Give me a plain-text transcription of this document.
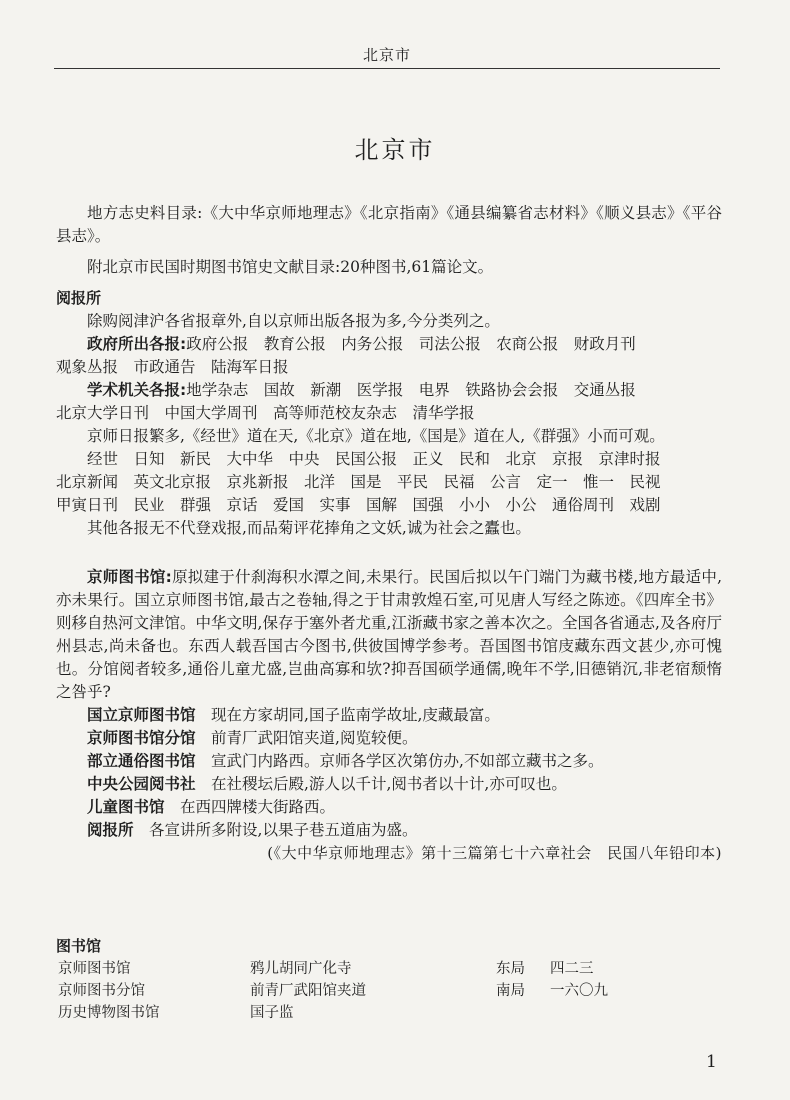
北京市
北京市

地方志史料目录:《大中华京师地理志》《北京指南》《通县编纂省志材料》《顺义县志》《平谷县志》。

附北京市民国时期图书馆史文献目录:20种图书,61篇论文。

阅报所

除购阅津沪各省报章外,自以京师出版各报为多,今分类列之。

政府所出各报:政府公报　教育公报　内务公报　司法公报　农商公报　财政月刊

观象丛报　市政通告　陆海军日报

学术机关各报:地学杂志　国故　新潮　医学报　电界　铁路协会会报　交通丛报

北京大学日刊　中国大学周刊　高等师范校友杂志　清华学报

京师日报繁多,《经世》道在天,《北京》道在地,《国是》道在人,《群强》小而可观。

经世　日知　新民　大中华　中央　民国公报　正义　民和　北京　京报　京津时报

北京新闻　英文北京报　京兆新报　北洋　国是　平民　民福　公言　定一　惟一　民视

甲寅日刊　民业　群强　京话　爱国　实事　国解　国强　小小　小公　通俗周刊　戏剧

其他各报无不代登戏报,而品菊评花捧角之文妖,诚为社会之蠹也。

京师图书馆:原拟建于什刹海积水潭之间,未果行。民国后拟以午门端门为藏书楼,地方最适中,亦未果行。国立京师图书馆,最古之卷轴,得之于甘肃敦煌石室,可见唐人写经之陈迹。《四库全书》则移自热河文津馆。中华文明,保存于塞外者尤重,江浙藏书家之善本次之。全国各省通志,及各府厅州县志,尚未备也。东西人载吾国古今图书,供彼国博学参考。吾国图书馆庋藏东西文甚少,亦可愧也。分馆阅者较多,通俗儿童尤盛,岂曲高寡和欤?抑吾国硕学通儒,晚年不学,旧德销沉,非老宿颓惰之咎乎?

国立京师图书馆　 现在方家胡同,国子监南学故址,庋藏最富。

京师图书馆分馆　 前青厂武阳馆夹道,阅览较便。

部立通俗图书馆　 宣武门内路西。京师各学区次第仿办,不如部立藏书之多。

中央公园阅书社　 在社稷坛后殿,游人以千计,阅书者以十计,亦可叹也。

儿童图书馆　 在西四牌楼大街路西。

阅报所　 各宣讲所多附设,以果子巷五道庙为盛。

(《大中华京师地理志》第十三篇第七十六章社会　民国八年铅印本)

图书馆
京师图书馆	鸦儿胡同广化寺	东局 四二三
京师图书分馆	前青厂武阳馆夹道	南局 一六〇九
历史博物图书馆	国子监
1
